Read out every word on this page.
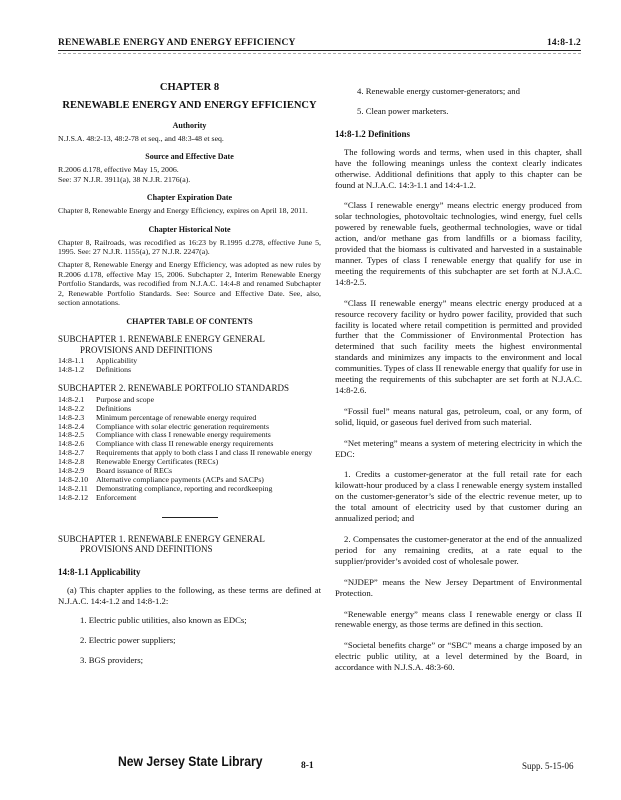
RENEWABLE ENERGY AND ENERGY EFFICIENCY	14:8-1.2

CHAPTER 8

RENEWABLE ENERGY AND ENERGY EFFICIENCY

Authority

N.J.S.A. 48:2-13, 48:2-78 et seq., and 48:3-48 et seq.

Source and Effective Date

R.2006 d.178, effective May 15, 2006.

See: 37 N.J.R. 3911(a), 38 N.J.R. 2176(a).

Chapter Expiration Date

Chapter 8, Renewable Energy and Energy Efficiency, expires on April 18, 2011.

Chapter Historical Note

Chapter 8, Railroads, was recodified as 16:23 by R.1995 d.278, effective June 5, 1995. See: 27 N.J.R. 1155(a), 27 N.J.R. 2247(a).

Chapter 8, Renewable Energy and Energy Efficiency, was adopted as new rules by R.2006 d.178, effective May 15, 2006. Subchapter 2, Interim Renewable Energy Portfolio Standards, was recodified from N.J.A.C. 14:4-8 and renamed Subchapter 2, Renewable Portfolio Standards. See: Source and Effective Date. See, also, section annotations.

CHAPTER TABLE OF CONTENTS

SUBCHAPTER 1. RENEWABLE ENERGY GENERAL
PROVISIONS AND DEFINITIONS

14:8-1.1	Applicability
14:8-1.2	Definitions

SUBCHAPTER 2. RENEWABLE PORTFOLIO STANDARDS

14:8-2.1	Purpose and scope
14:8-2.2	Definitions
14:8-2.3	Minimum percentage of renewable energy required
14:8-2.4	Compliance with solar electric generation requirements
14:8-2.5	Compliance with class I renewable energy requirements
14:8-2.6	Compliance with class II renewable energy requirements
14:8-2.7	Requirements that apply to both class I and class II renewable energy
14:8-2.8	Renewable Energy Certificates (RECs)
14:8-2.9	Board issuance of RECs
14:8-2.10	Alternative compliance payments (ACPs and SACPs)
14:8-2.11	Demonstrating compliance, reporting and recordkeeping
14:8-2.12	Enforcement

SUBCHAPTER 1. RENEWABLE ENERGY GENERAL
PROVISIONS AND DEFINITIONS

14:8-1.1 Applicability

(a) This chapter applies to the following, as these terms are defined at N.J.A.C. 14:4-1.2 and 14:8-1.2:

1. Electric public utilities, also known as EDCs;

2. Electric power suppliers;

3. BGS providers;

4. Renewable energy customer-generators; and

5. Clean power marketers.

14:8-1.2 Definitions

The following words and terms, when used in this chapter, shall have the following meanings unless the context clearly indicates otherwise. Additional definitions that apply to this chapter can be found at N.J.A.C. 14:3-1.1 and 14:4-1.2.

“Class I renewable energy” means electric energy produced from solar technologies, photovoltaic technologies, wind energy, fuel cells powered by renewable fuels, geothermal technologies, wave or tidal action, and/or methane gas from landfills or a biomass facility, provided that the biomass is cultivated and harvested in a sustainable manner. Types of class I renewable energy that qualify for use in meeting the requirements of this subchapter are set forth at N.J.A.C. 14:8-2.5.

“Class II renewable energy” means electric energy produced at a resource recovery facility or hydro power facility, provided that such facility is located where retail competition is permitted and provided further that the Commissioner of Environmental Protection has determined that such facility meets the highest environmental standards and minimizes any impacts to the environment and local communities. Types of class II renewable energy that qualify for use in meeting the requirements of this subchapter are set forth at N.J.A.C. 14:8-2.6.

“Fossil fuel” means natural gas, petroleum, coal, or any form, of solid, liquid, or gaseous fuel derived from such material.

“Net metering” means a system of metering electricity in which the EDC:

1. Credits a customer-generator at the full retail rate for each kilowatt-hour produced by a class I renewable energy system installed on the customer-generator’s side of the electric revenue meter, up to the total amount of electricity used by that customer during an annualized period; and

2. Compensates the customer-generator at the end of the annualized period for any remaining credits, at a rate equal to the supplier/provider’s avoided cost of wholesale power.

“NJDEP” means the New Jersey Department of Environmental Protection.

“Renewable energy” means class I renewable energy or class II renewable energy, as those terms are defined in this section.

“Societal benefits charge” or “SBC” means a charge imposed by an electric public utility, at a level determined by the Board, in accordance with N.J.S.A. 48:3-60.

New Jersey State Library	8-1	Supp. 5-15-06
